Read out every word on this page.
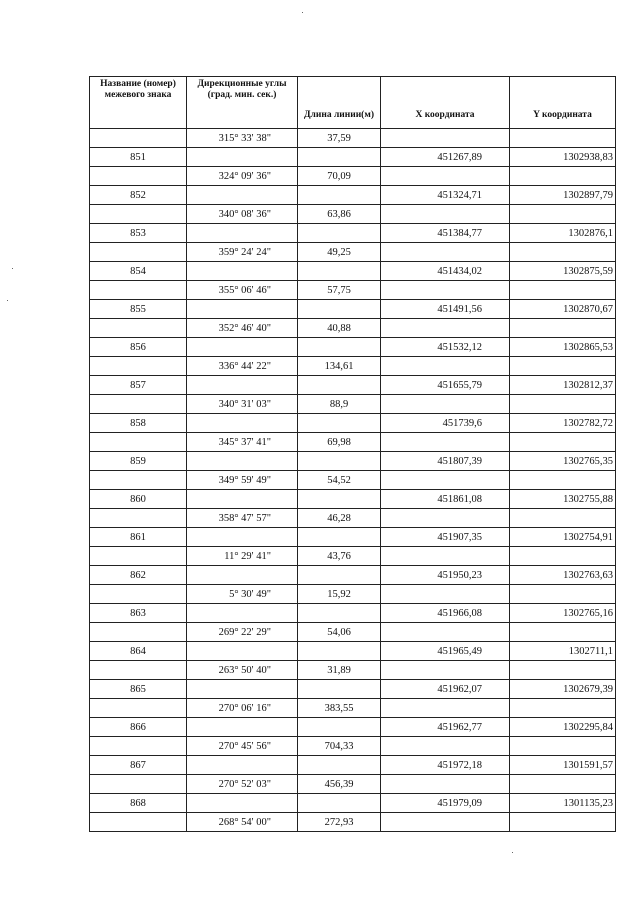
Название (номер) межевого знака	Дирекционные углы (град. мин. сек.)	Длина линии(м)	X координата	Y координата
	315° 33' 38"	37,59		
851			451267,89	1302938,83
	324° 09' 36"	70,09		
852			451324,71	1302897,79
	340° 08' 36"	63,86		
853			451384,77	1302876,1
	359° 24' 24"	49,25		
854			451434,02	1302875,59
	355° 06' 46"	57,75		
855			451491,56	1302870,67
	352° 46' 40"	40,88		
856			451532,12	1302865,53
	336° 44' 22"	134,61		
857			451655,79	1302812,37
	340° 31' 03"	88,9		
858			451739,6	1302782,72
	345° 37' 41"	69,98		
859			451807,39	1302765,35
	349° 59' 49"	54,52		
860			451861,08	1302755,88
	358° 47' 57"	46,28		
861			451907,35	1302754,91
	11° 29' 41"	43,76		
862			451950,23	1302763,63
	5° 30' 49"	15,92		
863			451966,08	1302765,16
	269° 22' 29"	54,06		
864			451965,49	1302711,1
	263° 50' 40"	31,89		
865			451962,07	1302679,39
	270° 06' 16"	383,55		
866			451962,77	1302295,84
	270° 45' 56"	704,33		
867			451972,18	1301591,57
	270° 52' 03"	456,39		
868			451979,09	1301135,23
	268° 54' 00"	272,93		
